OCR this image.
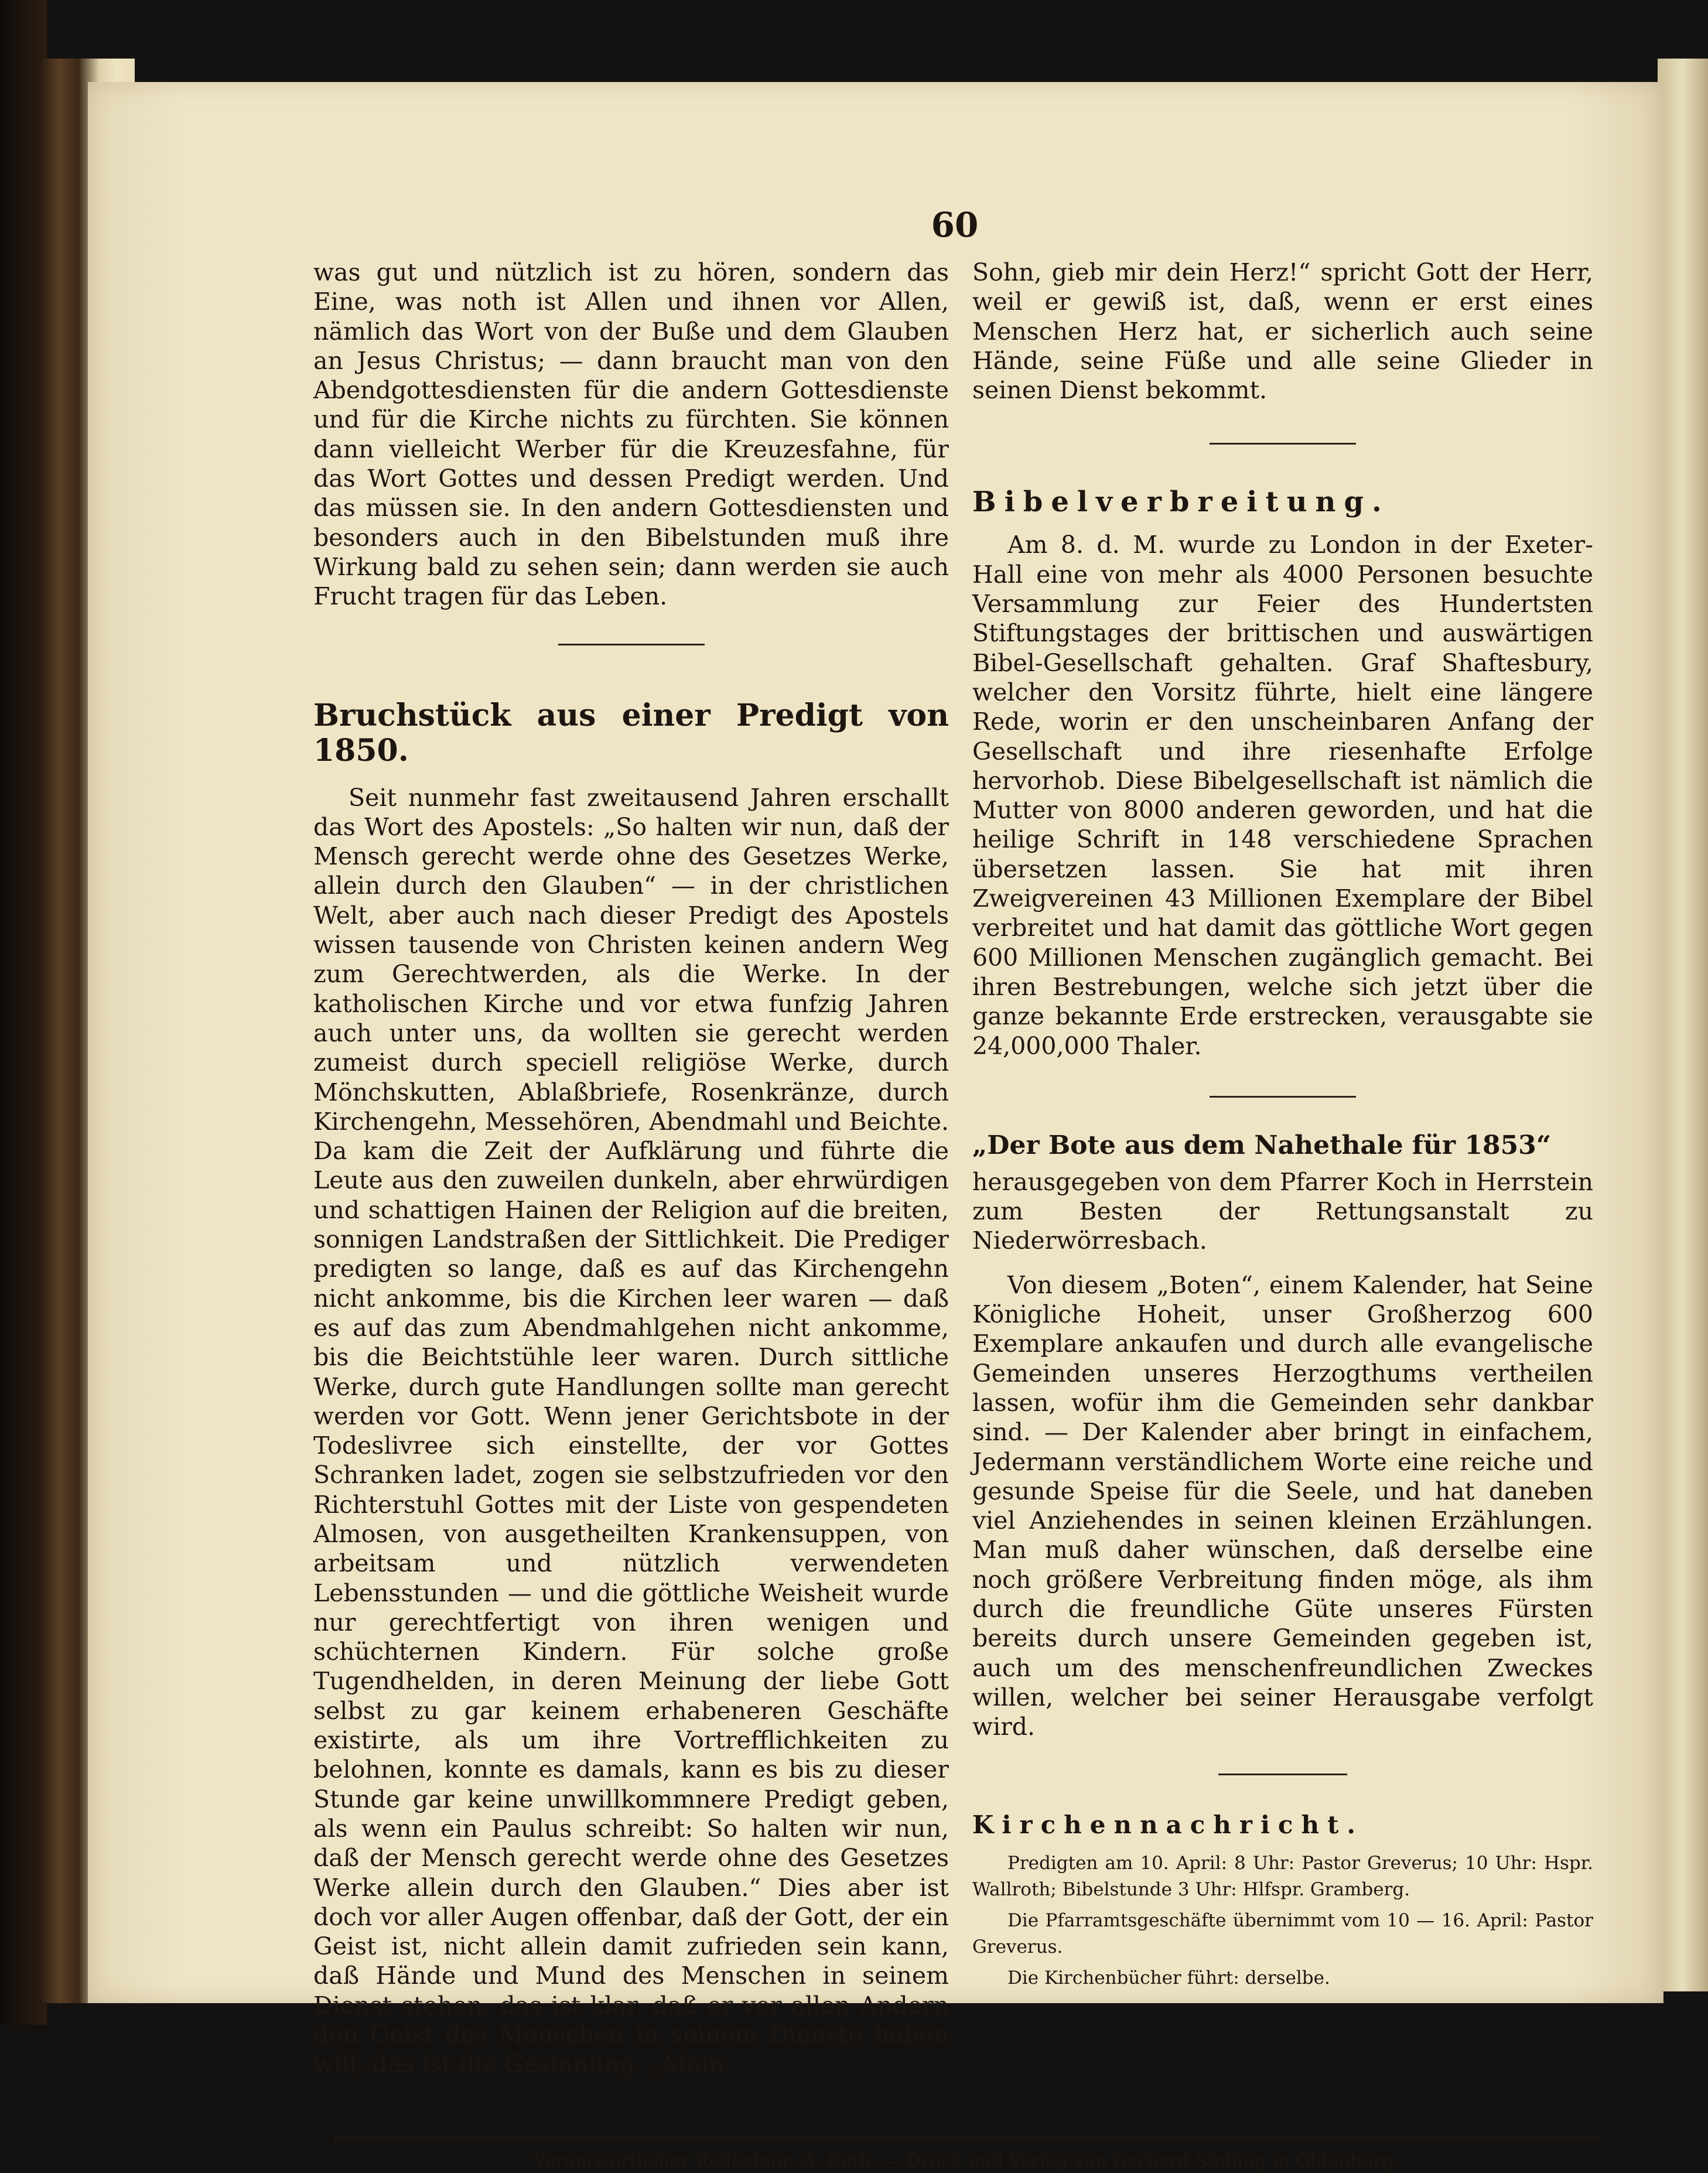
60

was gut und nützlich ist zu hören, sondern das Eine, was noth ist Allen und ihnen vor Allen, nämlich das Wort von der Buße und dem Glauben an Jesus Christus; — dann braucht man von den Abendgottesdiensten für die andern Gottesdienste und für die Kirche nichts zu fürchten. Sie können dann vielleicht Werber für die Kreuzesfahne, für das Wort Gottes und dessen Predigt werden. Und das müssen sie. In den andern Gottesdiensten und besonders auch in den Bibelstunden muß ihre Wirkung bald zu sehen sein; dann werden sie auch Frucht tragen für das Leben.

Bruchstück aus einer Predigt von 1850.

Seit nunmehr fast zweitausend Jahren erschallt das Wort des Apostels: „So halten wir nun, daß der Mensch gerecht werde ohne des Gesetzes Werke, allein durch den Glauben“ — in der christlichen Welt, aber auch nach dieser Predigt des Apostels wissen tausende von Christen keinen andern Weg zum Gerechtwerden, als die Werke. In der katholischen Kirche und vor etwa funfzig Jahren auch unter uns, da wollten sie gerecht werden zumeist durch speciell religiöse Werke, durch Mönchskutten, Ablaßbriefe, Rosenkränze, durch Kirchengehn, Messehören, Abendmahl und Beichte. Da kam die Zeit der Aufklärung und führte die Leute aus den zuweilen dunkeln, aber ehrwürdigen und schattigen Hainen der Religion auf die breiten, sonnigen Landstraßen der Sittlichkeit. Die Prediger predigten so lange, daß es auf das Kirchengehn nicht ankomme, bis die Kirchen leer waren — daß es auf das zum Abendmahlgehen nicht ankomme, bis die Beichtstühle leer waren. Durch sittliche Werke, durch gute Handlungen sollte man gerecht werden vor Gott. Wenn jener Gerichtsbote in der Todeslivree sich einstellte, der vor Gottes Schranken ladet, zogen sie selbstzufrieden vor den Richterstuhl Gottes mit der Liste von gespendeten Almosen, von ausgetheilten Krankensuppen, von arbeitsam und nützlich verwendeten Lebensstunden — und die göttliche Weisheit wurde nur gerechtfertigt von ihren wenigen und schüchternen Kindern. Für solche große Tugendhelden, in deren Meinung der liebe Gott selbst zu gar keinem erhabeneren Geschäfte existirte, als um ihre Vortrefflichkeiten zu belohnen, konnte es damals, kann es bis zu dieser Stunde gar keine unwillkommnere Predigt geben, als wenn ein Paulus schreibt: So halten wir nun, daß der Mensch gerecht werde ohne des Gesetzes Werke allein durch den Glauben.“ Dies aber ist doch vor aller Augen offenbar, daß der Gott, der ein Geist ist, nicht allein damit zufrieden sein kann, daß Hände und Mund des Menschen in seinem Dienst stehen; das ist klar, daß er vor allen Andern den Geist des Menschen in seinem Dienste haben will, das ist die Gesinnung. „Mein

Sohn, gieb mir dein Herz!“ spricht Gott der Herr, weil er gewiß ist, daß, wenn er erst eines Menschen Herz hat, er sicherlich auch seine Hände, seine Füße und alle seine Glieder in seinen Dienst bekommt.

Bibelverbreitung.

Am 8. d. M. wurde zu London in der Exeter-Hall eine von mehr als 4000 Personen besuchte Versammlung zur Feier des Hundertsten Stiftungstages der brittischen und auswärtigen Bibel-Gesellschaft gehalten. Graf Shaftesbury, welcher den Vorsitz führte, hielt eine längere Rede, worin er den unscheinbaren Anfang der Gesellschaft und ihre riesenhafte Erfolge hervorhob. Diese Bibelgesellschaft ist nämlich die Mutter von 8000 anderen geworden, und hat die heilige Schrift in 148 verschiedene Sprachen übersetzen lassen. Sie hat mit ihren Zweigvereinen 43 Millionen Exemplare der Bibel verbreitet und hat damit das göttliche Wort gegen 600 Millionen Menschen zugänglich gemacht. Bei ihren Bestrebungen, welche sich jetzt über die ganze bekannte Erde erstrecken, verausgabte sie 24,000,000 Thaler.

„Der Bote aus dem Nahethale für 1853“

herausgegeben von dem Pfarrer Koch in Herrstein zum Besten der Rettungsanstalt zu Niederwörresbach.

Von diesem „Boten“, einem Kalender, hat Seine Königliche Hoheit, unser Großherzog 600 Exemplare ankaufen und durch alle evangelische Gemeinden unseres Herzogthums vertheilen lassen, wofür ihm die Gemeinden sehr dankbar sind. — Der Kalender aber bringt in einfachem, Jedermann verständlichem Worte eine reiche und gesunde Speise für die Seele, und hat daneben viel Anziehendes in seinen kleinen Erzählungen. Man muß daher wünschen, daß derselbe eine noch größere Verbreitung finden möge, als ihm durch die freundliche Güte unseres Fürsten bereits durch unsere Gemeinden gegeben ist, auch um des menschenfreundlichen Zweckes willen, welcher bei seiner Herausgabe verfolgt wird.

Kirchennachricht.

Predigten am 10. April: 8 Uhr: Pastor Greverus; 10 Uhr: Hspr. Wallroth; Bibelstunde 3 Uhr: Hlfspr. Gramberg.

Die Pfarramtsgeschäfte übernimmt vom 10 — 16. April: Pastor Greverus.

Die Kirchenbücher führt: derselbe.

Verantwortlicher Redacteur: A. Roth. — Druck und Verlag von Gerhard Stalling in Oldenburg.
